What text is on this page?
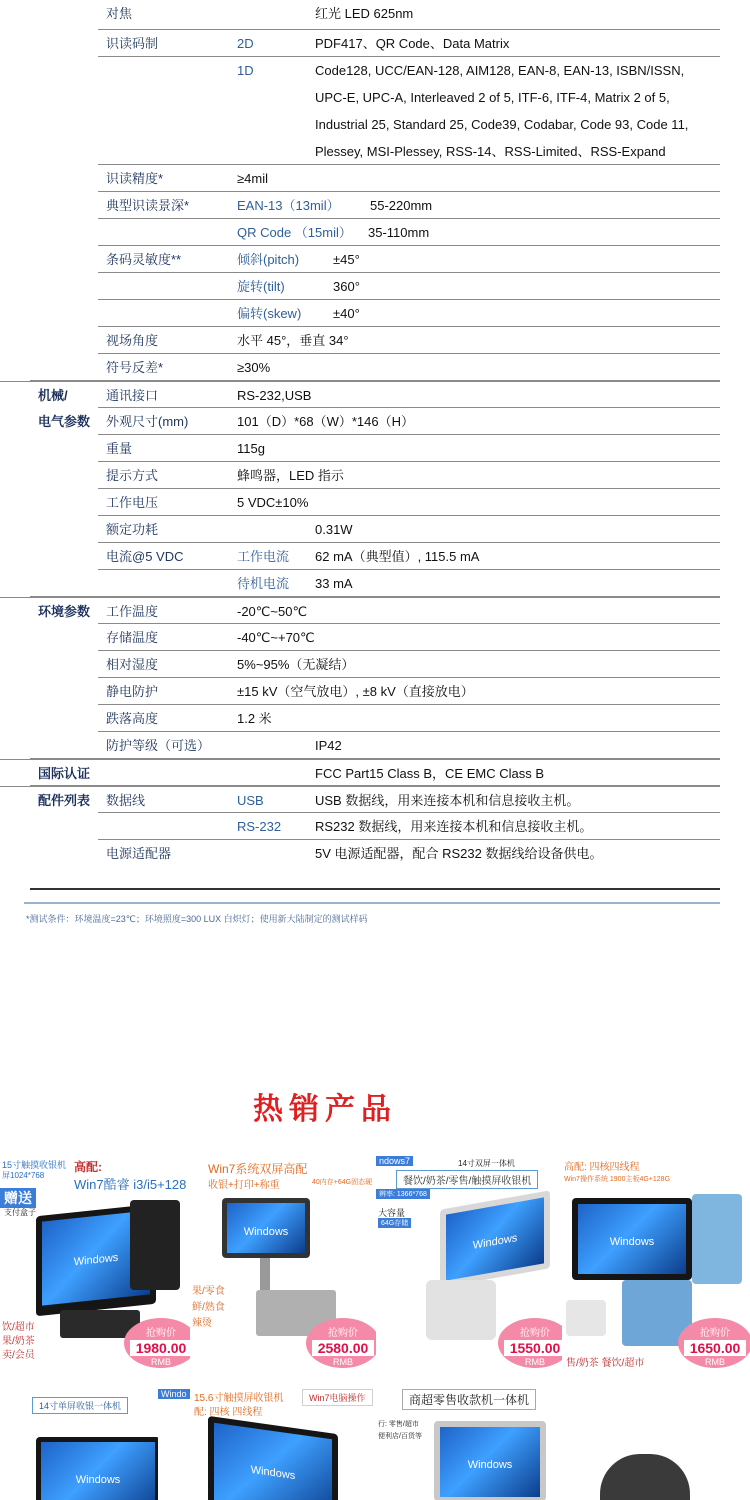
对焦	红光 LED 625nm
识读码制	2D	PDF417、QR Code、Data Matrix
1D	Code128, UCC/EAN-128, AIM128, EAN-8, EAN-13, ISBN/ISSN, UPC-E, UPC-A, Interleaved 2 of 5, ITF-6, ITF-4, Matrix 2 of 5, Industrial 25, Standard 25, Code39, Codabar, Code 93, Code 11, Plessey, MSI-Plessey, RSS-14、RSS-Limited、RSS-Expand
识读精度*	≥4mil
典型识读景深*	EAN-13（13mil） 55-220mm
QR Code （15mil） 35-110mm
条码灵敏度**	倾斜(pitch)	±45°
旋转(tilt)	360°
偏转(skew) ±40°
视场角度	水平 45°，垂直 34°
符号反差*	≥30%
机械/	通讯接口	RS-232,USB
电气参数 外观尺寸(mm)	101（D）*68（W）*146（H）
重量	115g
提示方式	蜂鸣器，LED 指示
工作电压	5 VDC±10%
额定功耗	0.31W
电流@5 VDC	工作电流 62 mA（典型值）, 115.5 mA
待机电流 33 mA
环境参数 工作温度	-20℃~50℃
存储温度	-40℃~+70℃
相对湿度	5%~95%（无凝结）
静电防护	±15 kV（空气放电）, ±8 kV（直接放电）
跌落高度	1.2 米
防护等级（可选）	IP42
国际认证	FCC Part15 Class B，CE EMC Class B
配件列表 数据线	USB	USB 数据线，用来连接本机和信息接收主机。
RS-232	RS232 数据线，用来连接本机和信息接收主机。
电源适配器	5V 电源适配器，配合 RS232 数据线给设备供电。
*测试条件：环境温度=23℃；环境照度=300 LUX 白炽灯；使用新大陆制定的测试样码
热销产品
15寸触摸收银机
屏1024*768
高配:
Win7酷睿 i3/i5+128
赠送
支付盒子
Windows
饮/超市
果/奶茶
卖/会员
抢购价
1980.00
RMB
Win7系统双屏高配
收银+打印+称重	40内存+64G固态硬
Windows
果/零食
鲜/熟食
辣烫
抢购价
2580.00
RMB
ndows7	14寸双屏一体机
餐饮/奶茶/零售/触摸屏收银机
辨率: 1366*768
大容量
64G存储
Windows
抢购价
1550.00
RMB
高配: 四核四线程
Win7操作系统 1900主板4G+128G
Windows
售/奶茶 餐饮/超市
抢购价
1650.00
RMB
14寸单屏收银一体机
Windows
Windo 15.6寸触摸屏收银机
配: 四核 四线程
Win7电脑操作
Windows
商超零售收款机一体机
行: 零售/超市
便利店/百货等
Windows
